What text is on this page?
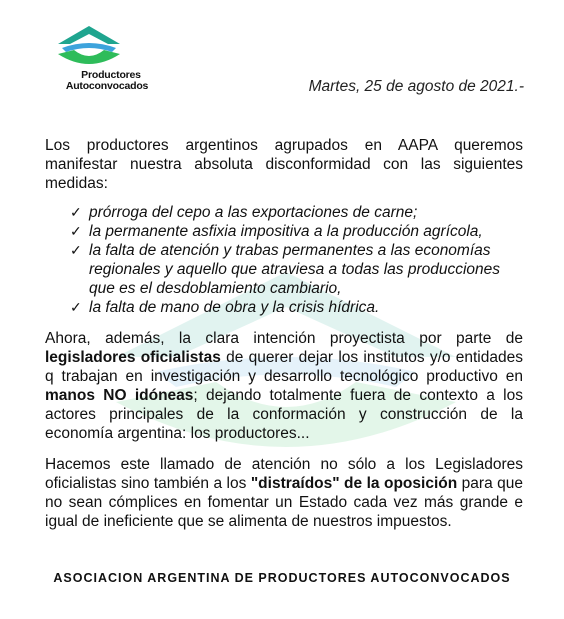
Productores
Autoconvocados	Martes, 25 de agosto de 2021.-
Los productores argentinos agrupados en AAPA queremos manifestar nuestra absoluta disconformidad con las siguientes medidas:
✓ prórroga del cepo a las exportaciones de carne;
✓ la permanente asfixia impositiva a la producción agrícola,
✓ la falta de atención y trabas permanentes a las economías regionales y aquello que atraviesa a todas las producciones que es el desdoblamiento cambiario,
✓ la falta de mano de obra y la crisis hídrica.
Ahora, además, la clara intención proyectista por parte de legisladores oficialistas de querer dejar los institutos y/o entidades q trabajan en investigación y desarrollo tecnológico productivo en manos NO idóneas; dejando totalmente fuera de contexto a los actores principales de la conformación y construcción de la economía argentina: los productores...
Hacemos este llamado de atención no sólo a los Legisladores oficialistas sino también a los "distraídos" de la oposición para que no sean cómplices en fomentar un Estado cada vez más grande e igual de ineficiente que se alimenta de nuestros impuestos.
ASOCIACION ARGENTINA DE PRODUCTORES AUTOCONVOCADOS
